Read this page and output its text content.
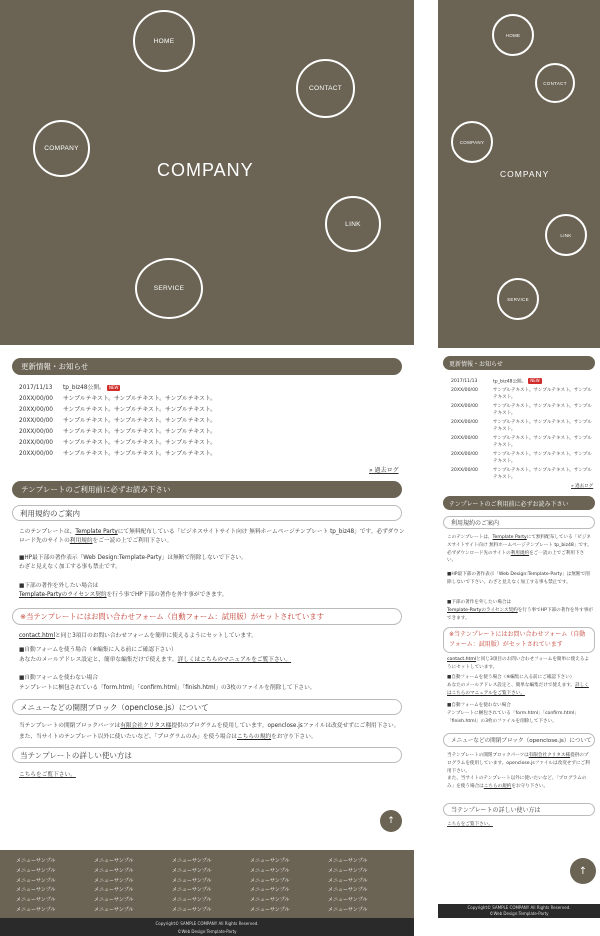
HOME
CONTACT
COMPANY
COMPANY
LINK
SERVICE
更新情報・お知らせ
2017/11/13 tp_biz48公開。 NEW
20XX/00/00 サンプルテキスト。サンプルテキスト。サンプルテキスト。
20XX/00/00 サンプルテキスト。サンプルテキスト。サンプルテキスト。
20XX/00/00 サンプルテキスト。サンプルテキスト。サンプルテキスト。
20XX/00/00 サンプルテキスト。サンプルテキスト。サンプルテキスト。
20XX/00/00 サンプルテキスト。サンプルテキスト。サンプルテキスト。
20XX/00/00 サンプルテキスト。サンプルテキスト。サンプルテキスト。
» 過去ログ
テンプレートのご利用前に必ずお読み下さい
利用規約のご案内
このテンプレートは、Template Partyにて無料配布している「ビジネスサイトサイト向け 無料ホームページテンプレート tp_biz48」です。必ずダウン
ロード先のサイトの利用規約をご一読の上でご利用下さい。
■HP最下部の著作表示「Web Design:Template-Party」は無断で削除しないで下さい。
わざと見えなく加工する事も禁止です。
■下部の著作を外したい場合は
Template-Partyのライセンス契約を行う事でHP下部の著作を外す事ができます。
※当テンプレートにはお問い合わせフォーム（自動フォーム：試用版）がセットされています
contact.htmlと同じ3項目のお問い合わせフォームを簡単に使えるようにセットしています。
■自動フォームを使う場合（※編集に入る前にご確認下さい）
あなたのメールアドレス設定と、簡単な編集だけで使えます。詳しくはこちらのマニュアルをご覧下さい。
■自動フォームを使わない場合
テンプレートに梱包されている「form.html」「confirm.html」「finish.html」の3枚のファイルを削除して下さい。
メニューなどの開閉ブロック（openclose.js）について
当テンプレートの開閉ブロックパーツは有限会社クリタス様提供のプログラムを使用しています。openclose.jsファイルは改変せずにご利用下さい。
また、当サイトのテンプレート以外に使いたいなど、「プログラムのみ」を使う場合はこちらの規約をお守り下さい。
当テンプレートの詳しい使い方は
こちらをご覧下さい。
↑
メニューサンプル	メニューサンプル	メニューサンプル	メニューサンプル	メニューサンプル
メニューサンプル	メニューサンプル	メニューサンプル	メニューサンプル	メニューサンプル
メニューサンプル	メニューサンプル	メニューサンプル	メニューサンプル	メニューサンプル
メニューサンプル	メニューサンプル	メニューサンプル	メニューサンプル	メニューサンプル
メニューサンプル	メニューサンプル	メニューサンプル	メニューサンプル	メニューサンプル
メニューサンプル	メニューサンプル	メニューサンプル	メニューサンプル	メニューサンプル
Copyright© SAMPLE COMPANY All Rights Reserved.
©Web Design:Template-Party
HOME
CONTACT
COMPANY
COMPANY
LINK
SERVICE
更新情報・お知らせ
2017/11/13	tp_biz48公開。 NEW
20XX/00/00	サンプルテキスト。サンプルテキスト。サンプルテキスト。
20XX/00/00	サンプルテキスト。サンプルテキスト。サンプルテキスト。
20XX/00/00	サンプルテキスト。サンプルテキスト。サンプルテキスト。
20XX/00/00	サンプルテキスト。サンプルテキスト。サンプルテキスト。
20XX/00/00	サンプルテキスト。サンプルテキスト。サンプルテキスト。
20XX/00/00	サンプルテキスト。サンプルテキスト。サンプルテキスト。
» 過去ログ
テンプレートのご利用前に必ずお読み下さい
利用規約のご案内
このテンプレートは、Template Partyにて無料配布している「ビジネスサイトサイト向け 無料ホームページテンプレート tp_biz48」です。必ずダウンロード先のサイトの利用規約をご一読の上でご利用下さい。
■HP最下部の著作表示「Web Design:Template-Party」は無断で削除しないで下さい。わざと見えなく加工する事も禁止です。
■下部の著作を外したい場合は
Template-Partyのライセンス契約を行う事でHP下部の著作を外す事ができます。
※当テンプレートにはお問い合わせフォーム（自動フォーム：試用版）がセットされています
contact.htmlと同じ3項目のお問い合わせフォームを簡単に使えるようにセットしています。
■自動フォームを使う場合（※編集に入る前にご確認下さい）
あなたのメールアドレス設定と、簡単な編集だけで使えます。詳しくはこちらのマニュアルをご覧下さい。
■自動フォームを使わない場合
テンプレートに梱包されている「form.html」「confirm.html」「finish.html」の3枚のファイルを削除して下さい。
メニューなどの開閉ブロック（openclose.js）について
当テンプレートの開閉ブロックパーツは有限会社クリタス様提供のプログラムを使用しています。openclose.jsファイルは改変せずにご利用下さい。
また、当サイトのテンプレート以外に使いたいなど、「プログラムのみ」を使う場合はこちらの規約をお守り下さい。
当テンプレートの詳しい使い方は
こちらをご覧下さい。
↑
Copyright© SAMPLE COMPANY All Rights Reserved.
©Web Design:Template-Party
